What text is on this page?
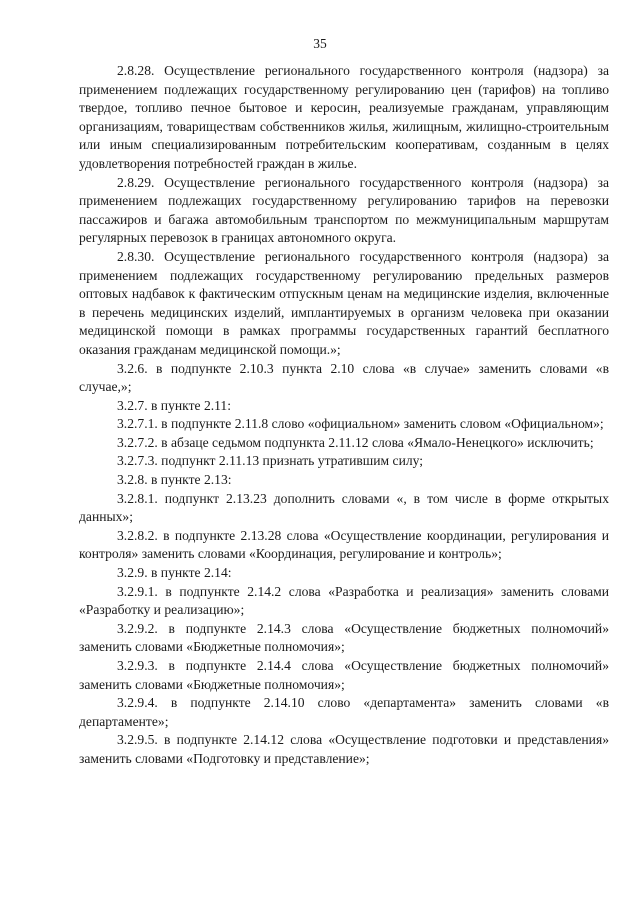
35

2.8.28. Осуществление регионального государственного контроля (надзора) за применением подлежащих государственному регулированию цен (тарифов) на топливо твердое, топливо печное бытовое и керосин, реализуемые гражданам, управляющим организациям, товариществам собственников жилья, жилищным, жилищно-строительным или иным специализированным потребительским кооперативам, созданным в целях удовлетворения потребностей граждан в жилье.

2.8.29. Осуществление регионального государственного контроля (надзора) за применением подлежащих государственному регулированию тарифов на перевозки пассажиров и багажа автомобильным транспортом по межмуниципальным маршрутам регулярных перевозок в границах автономного округа.

2.8.30. Осуществление регионального государственного контроля (надзора) за применением подлежащих государственному регулированию предельных размеров оптовых надбавок к фактическим отпускным ценам на медицинские изделия, включенные в перечень медицинских изделий, имплантируемых в организм человека при оказании медицинской помощи в рамках программы государственных гарантий бесплатного оказания гражданам медицинской помощи.»;

3.2.6. в подпункте 2.10.3 пункта 2.10 слова «в случае» заменить словами «в случае,»;

3.2.7. в пункте 2.11:

3.2.7.1. в подпункте 2.11.8 слово «официальном» заменить словом «Официальном»;

3.2.7.2. в абзаце седьмом подпункта 2.11.12 слова «Ямало-Ненецкого» исключить;

3.2.7.3. подпункт 2.11.13 признать утратившим силу;

3.2.8. в пункте 2.13:

3.2.8.1. подпункт 2.13.23 дополнить словами «, в том числе в форме открытых данных»;

3.2.8.2. в подпункте 2.13.28 слова «Осуществление координации, регулирования и контроля» заменить словами «Координация, регулирование и контроль»;

3.2.9. в пункте 2.14:

3.2.9.1. в подпункте 2.14.2 слова «Разработка и реализация» заменить словами «Разработку и реализацию»;

3.2.9.2. в подпункте 2.14.3 слова «Осуществление бюджетных полномочий» заменить словами «Бюджетные полномочия»;

3.2.9.3. в подпункте 2.14.4 слова «Осуществление бюджетных полномочий» заменить словами «Бюджетные полномочия»;

3.2.9.4. в подпункте 2.14.10 слово «департамента» заменить словами «в департаменте»;

3.2.9.5. в подпункте 2.14.12 слова «Осуществление подготовки и представления» заменить словами «Подготовку и представление»;
